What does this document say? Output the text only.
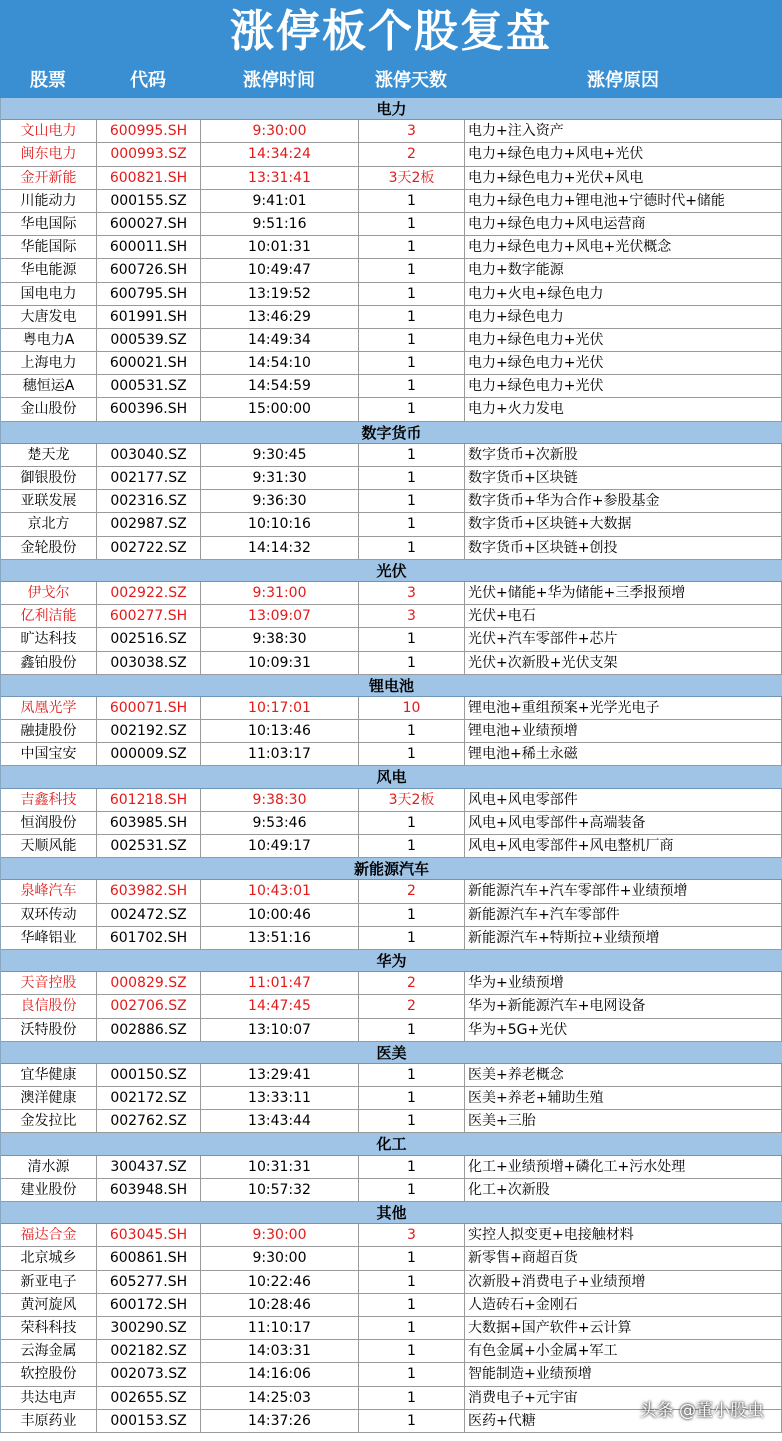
涨停板个股复盘
股票	代码	涨停时间	涨停天数	涨停原因
电力
文山电力	600995.SH	9:30:00	3	电力+注入资产
闽东电力	000993.SZ	14:34:24	2	电力+绿色电力+风电+光伏
金开新能	600821.SH	13:31:41	3天2板	电力+绿色电力+光伏+风电
川能动力	000155.SZ	9:41:01	1	电力+绿色电力+锂电池+宁德时代+储能
华电国际	600027.SH	9:51:16	1	电力+绿色电力+风电运营商
华能国际	600011.SH	10:01:31	1	电力+绿色电力+风电+光伏概念
华电能源	600726.SH	10:49:47	1	电力+数字能源
国电电力	600795.SH	13:19:52	1	电力+火电+绿色电力
大唐发电	601991.SH	13:46:29	1	电力+绿色电力
粤电力A	000539.SZ	14:49:34	1	电力+绿色电力+光伏
上海电力	600021.SH	14:54:10	1	电力+绿色电力+光伏
穗恒运A	000531.SZ	14:54:59	1	电力+绿色电力+光伏
金山股份	600396.SH	15:00:00	1	电力+火力发电
数字货币
楚天龙	003040.SZ	9:30:45	1	数字货币+次新股
御银股份	002177.SZ	9:31:30	1	数字货币+区块链
亚联发展	002316.SZ	9:36:30	1	数字货币+华为合作+参股基金
京北方	002987.SZ	10:10:16	1	数字货币+区块链+大数据
金轮股份	002722.SZ	14:14:32	1	数字货币+区块链+创投
光伏
伊戈尔	002922.SZ	9:31:00	3	光伏+储能+华为储能+三季报预增
亿利洁能	600277.SH	13:09:07	3	光伏+电石
旷达科技	002516.SZ	9:38:30	1	光伏+汽车零部件+芯片
鑫铂股份	003038.SZ	10:09:31	1	光伏+次新股+光伏支架
锂电池
凤凰光学	600071.SH	10:17:01	10	锂电池+重组预案+光学光电子
融捷股份	002192.SZ	10:13:46	1	锂电池+业绩预增
中国宝安	000009.SZ	11:03:17	1	锂电池+稀土永磁
风电
吉鑫科技	601218.SH	9:38:30	3天2板	风电+风电零部件
恒润股份	603985.SH	9:53:46	1	风电+风电零部件+高端装备
天顺风能	002531.SZ	10:49:17	1	风电+风电零部件+风电整机厂商
新能源汽车
泉峰汽车	603982.SH	10:43:01	2	新能源汽车+汽车零部件+业绩预增
双环传动	002472.SZ	10:00:46	1	新能源汽车+汽车零部件
华峰铝业	601702.SH	13:51:16	1	新能源汽车+特斯拉+业绩预增
华为
天音控股	000829.SZ	11:01:47	2	华为+业绩预增
良信股份	002706.SZ	14:47:45	2	华为+新能源汽车+电网设备
沃特股份	002886.SZ	13:10:07	1	华为+5G+光伏
医美
宜华健康	000150.SZ	13:29:41	1	医美+养老概念
澳洋健康	002172.SZ	13:33:11	1	医美+养老+辅助生殖
金发拉比	002762.SZ	13:43:44	1	医美+三胎
化工
清水源	300437.SZ	10:31:31	1	化工+业绩预增+磷化工+污水处理
建业股份	603948.SH	10:57:32	1	化工+次新股
其他
福达合金	603045.SH	9:30:00	3	实控人拟变更+电接触材料
北京城乡	600861.SH	9:30:00	1	新零售+商超百货
新亚电子	605277.SH	10:22:46	1	次新股+消费电子+业绩预增
黄河旋风	600172.SH	10:28:46	1	人造砖石+金刚石
荣科科技	300290.SZ	11:10:17	1	大数据+国产软件+云计算
云海金属	002182.SZ	14:03:31	1	有色金属+小金属+军工
软控股份	002073.SZ	14:16:06	1	智能制造+业绩预增
共达电声	002655.SZ	14:25:03	1	消费电子+元宇宙
丰原药业	000153.SZ	14:37:26	1	医药+代糖	头条 @董小股虫
